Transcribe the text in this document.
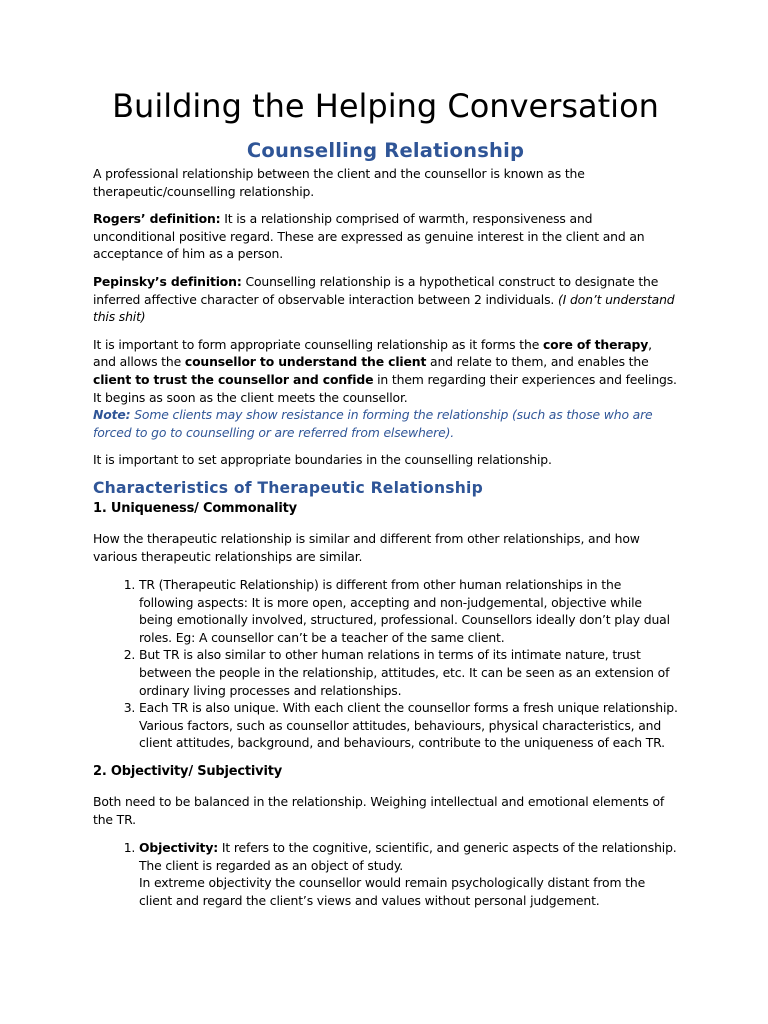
Building the Helping Conversation
Counselling Relationship

A professional relationship between the client and the counsellor is known as the therapeutic/counselling relationship.

Rogers’ definition: It is a relationship comprised of warmth, responsiveness and unconditional positive regard. These are expressed as genuine interest in the client and an acceptance of him as a person.

Pepinsky’s definition: Counselling relationship is a hypothetical construct to designate the inferred affective character of observable interaction between 2 individuals. (I don’t understand this shit)

It is important to form appropriate counselling relationship as it forms the core of therapy, and allows the counsellor to understand the client and relate to them, and enables the client to trust the counsellor and confide in them regarding their experiences and feelings.

It begins as soon as the client meets the counsellor.

Note: Some clients may show resistance in forming the relationship (such as those who are forced to go to counselling or are referred from elsewhere).

It is important to set appropriate boundaries in the counselling relationship.

Characteristics of Therapeutic Relationship
1. Uniqueness/ Commonality

How the therapeutic relationship is similar and different from other relationships, and how various therapeutic relationships are similar.

1. TR (Therapeutic Relationship) is different from other human relationships in the following aspects: It is more open, accepting and non-judgemental, objective while being emotionally involved, structured, professional. Counsellors ideally don’t play dual roles. Eg: A counsellor can’t be a teacher of the same client.
2. But TR is also similar to other human relations in terms of its intimate nature, trust between the people in the relationship, attitudes, etc. It can be seen as an extension of ordinary living processes and relationships.
3. Each TR is also unique. With each client the counsellor forms a fresh unique relationship. Various factors, such as counsellor attitudes, behaviours, physical characteristics, and client attitudes, background, and behaviours, contribute to the uniqueness of each TR.
2. Objectivity/ Subjectivity

Both need to be balanced in the relationship. Weighing intellectual and emotional elements of the TR.

1. Objectivity: It refers to the cognitive, scientific, and generic aspects of the relationship. The client is regarded as an object of study.
In extreme objectivity the counsellor would remain psychologically distant from the client and regard the client’s views and values without personal judgement.
